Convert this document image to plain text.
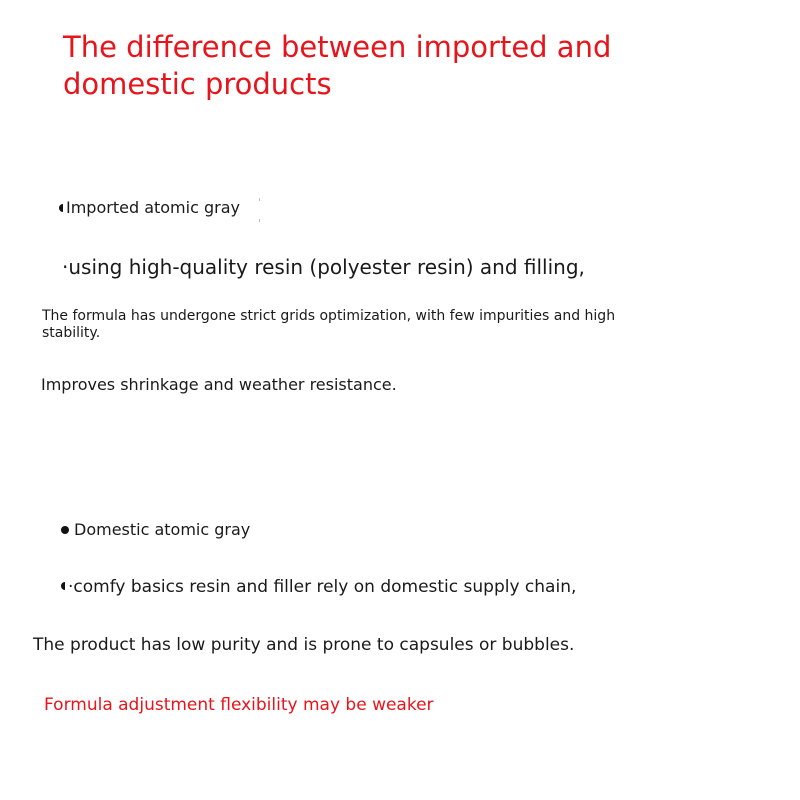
The difference between imported and
domestic products
Imported atomic gray
·using high-quality resin (polyester resin) and filling,
The formula has undergone strict grids optimization, with few impurities and high stability.
Improves shrinkage and weather resistance.
Domestic atomic gray
·comfy basics resin and filler rely on domestic supply chain,
The product has low purity and is prone to capsules or bubbles.
Formula adjustment flexibility may be weaker
